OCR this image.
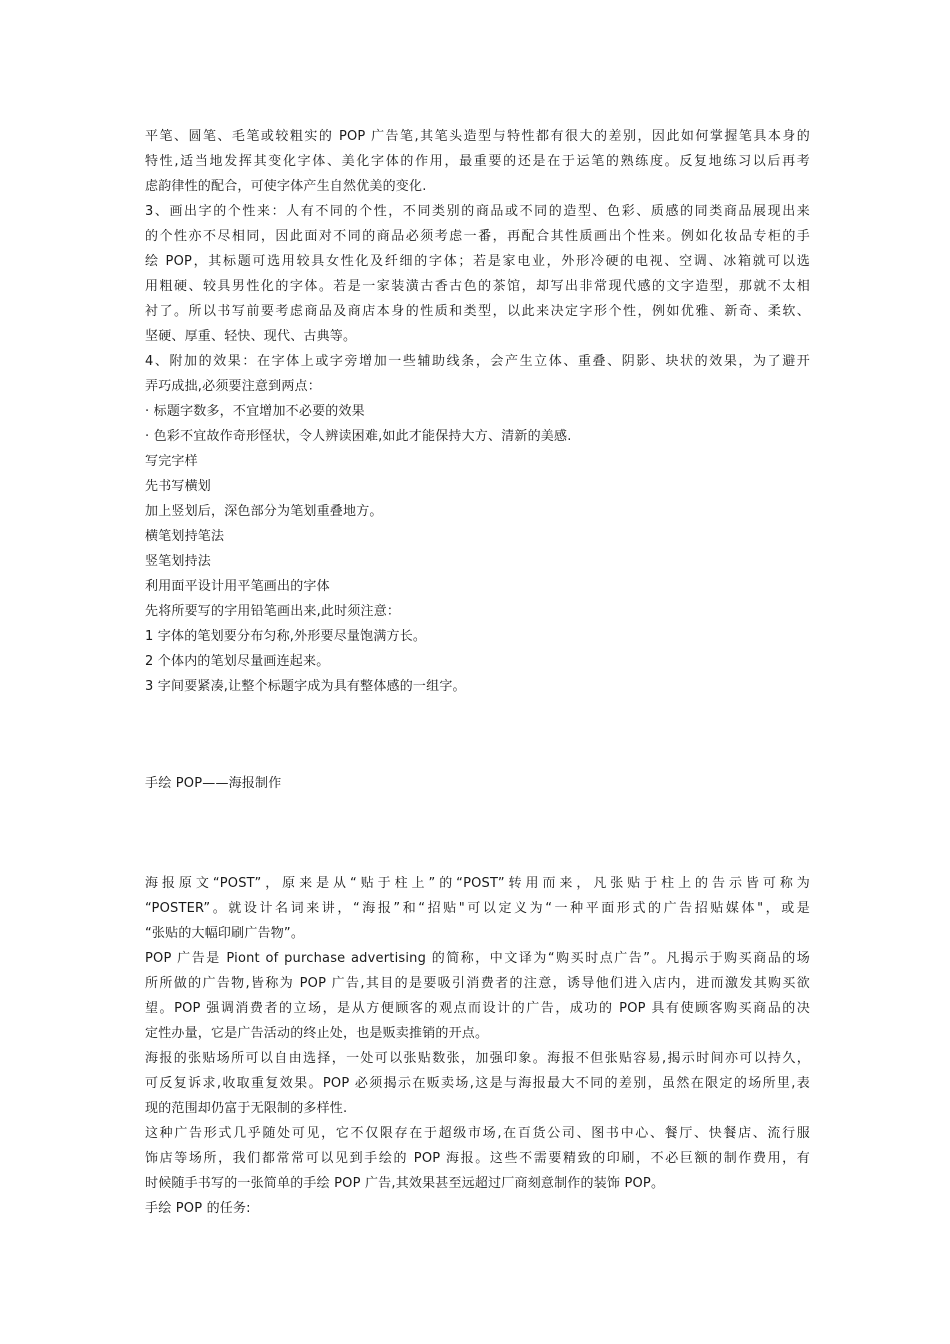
平笔、圆笔、毛笔或较粗实的 POP 广告笔,其笔头造型与特性都有很大的差别，因此如何掌握笔具本身的
特性,适当地发挥其变化字体、美化字体的作用，最重要的还是在于运笔的熟练度。反复地练习以后再考
虑韵律性的配合，可使字体产生自然优美的变化.
3、画出字的个性来：人有不同的个性，不同类别的商品或不同的造型、色彩、质感的同类商品展现出来
的个性亦不尽相同，因此面对不同的商品必须考虑一番，再配合其性质画出个性来。例如化妆品专柜的手
绘 POP，其标题可选用较具女性化及纤细的字体；若是家电业，外形冷硬的电视、空调、冰箱就可以选
用粗硬、较具男性化的字体。若是一家装潢古香古色的茶馆，却写出非常现代感的文字造型，那就不太相
衬了。所以书写前要考虑商品及商店本身的性质和类型，以此来决定字形个性，例如优雅、新奇、柔软、
坚硬、厚重、轻快、现代、古典等。
4、附加的效果：在字体上或字旁增加一些辅助线条，会产生立体、重叠、阴影、块状的效果，为了避开
弄巧成拙,必须要注意到两点：
· 标题字数多，不宜增加不必要的效果
· 色彩不宜故作奇形怪状，令人辨读困难,如此才能保持大方、清新的美感.
写完字样
先书写横划
加上竖划后，深色部分为笔划重叠地方。
横笔划持笔法
竖笔划持法
利用面平设计用平笔画出的字体
先将所要写的字用铅笔画出来,此时须注意：
1 字体的笔划要分布匀称,外形要尽量饱满方长。
2 个体内的笔划尽量画连起来。
3 字间要紧凑,让整个标题字成为具有整体感的一组字。
手绘 POP——海报制作
海报原文“POST”，原来是从“贴于柱上”的“POST”转用而来，凡张贴于柱上的告示皆可称为
“POSTER”。就设计名词来讲，“海报”和“招贴"可以定义为“一种平面形式的广告招贴媒体"，或是
“张贴的大幅印刷广告物”。
POP 广告是 Piont of purchase advertising 的简称，中文译为“购买时点广告”。凡揭示于购买商品的场
所所做的广告物,皆称为 POP 广告,其目的是要吸引消费者的注意，诱导他们进入店内，进而激发其购买欲
望。POP 强调消费者的立场，是从方便顾客的观点而设计的广告，成功的 POP 具有使顾客购买商品的决
定性办量，它是广告活动的终止处，也是贩卖推销的开点。
海报的张贴场所可以自由选择，一处可以张贴数张，加强印象。海报不但张贴容易,揭示时间亦可以持久，
可反复诉求,收取重复效果。POP 必须揭示在贩卖场,这是与海报最大不同的差别，虽然在限定的场所里,表
现的范围却仍富于无限制的多样性.
这种广告形式几乎随处可见，它不仅限存在于超级市场,在百货公司、图书中心、餐厅、快餐店、流行服
饰店等场所，我们都常常可以见到手绘的 POP 海报。这些不需要精致的印刷，不必巨额的制作费用，有
时候随手书写的一张简单的手绘 POP 广告,其效果甚至远超过厂商刻意制作的装饰 POP。
手绘 POP 的任务:
